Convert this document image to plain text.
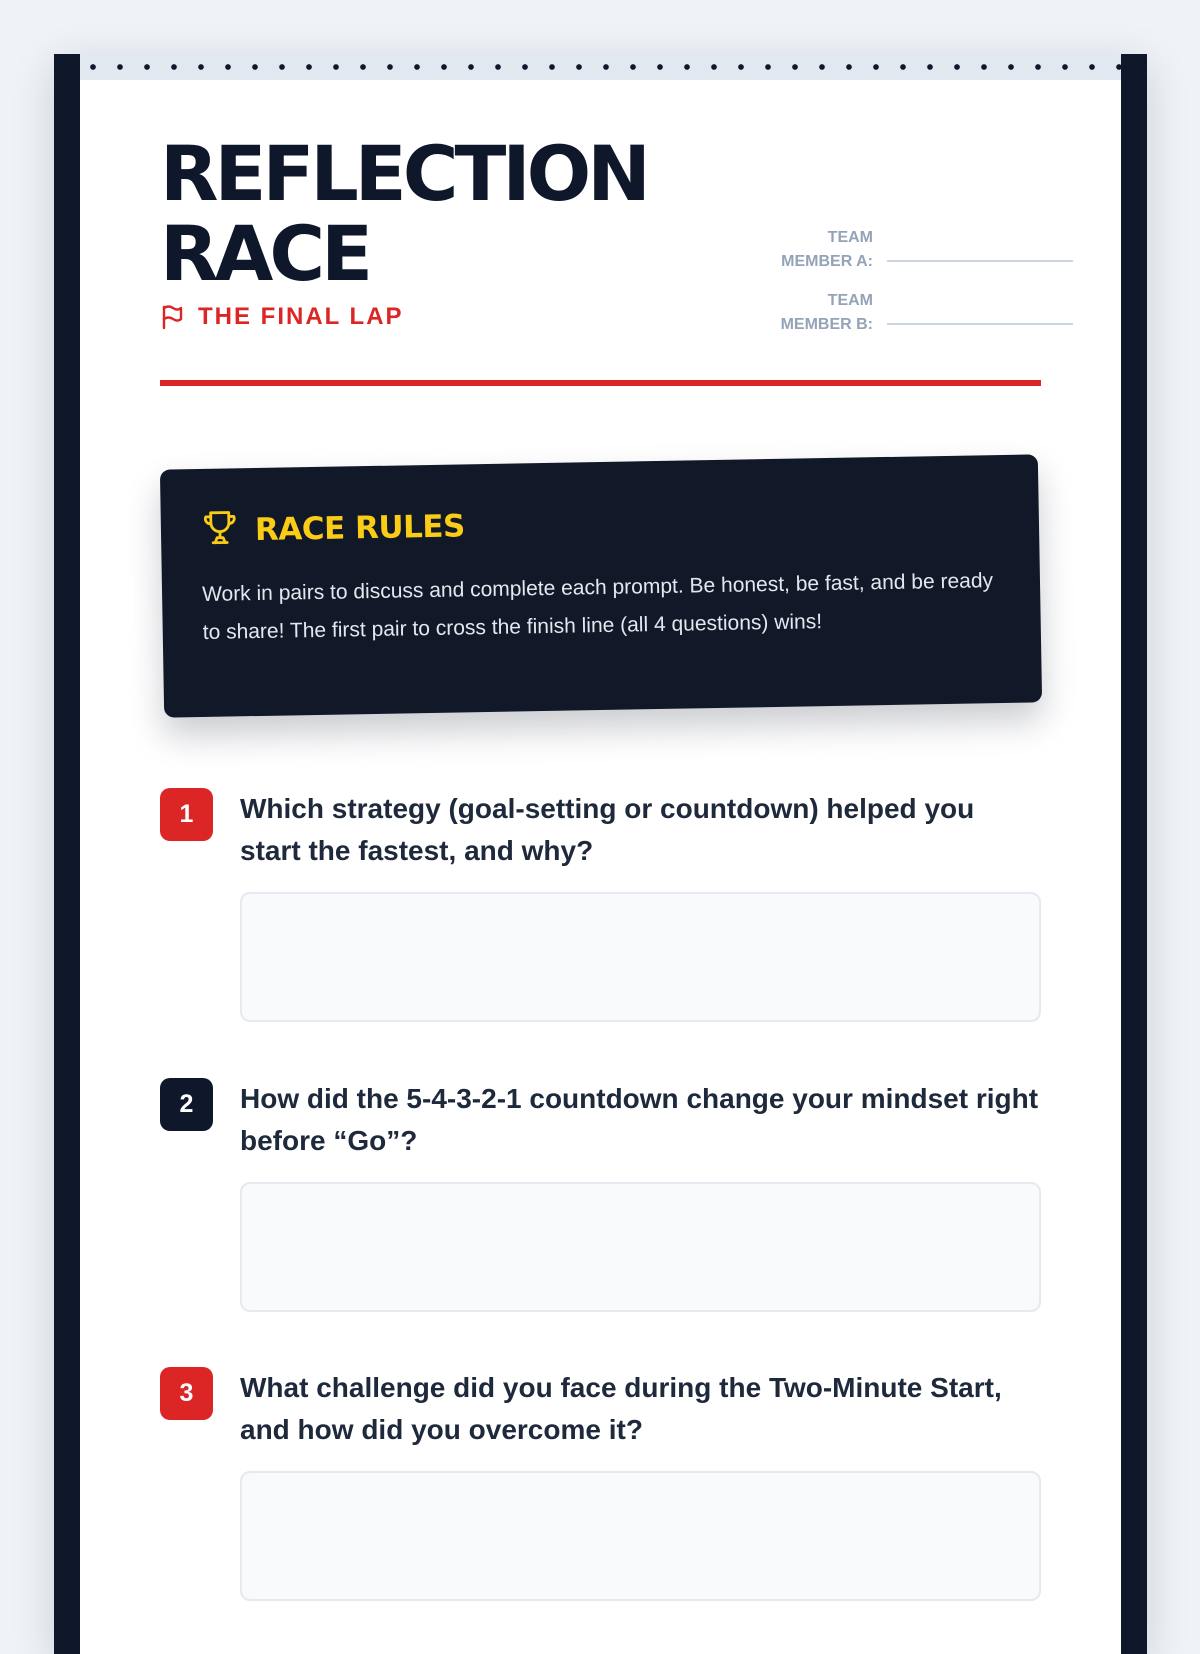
REFLECTION
RACE
THE FINAL LAP
TEAM
MEMBER A:
TEAM
MEMBER B:
RACE RULES

Work in pairs to discuss and complete each prompt. Be honest, be fast, and be ready to share! The first pair to cross the finish line (all 4 questions) wins!

1	Which strategy (goal-setting or countdown) helped you start the fastest, and why?

2	How did the 5-4-3-2-1 countdown change your mindset right before “Go”?

3	What challenge did you face during the Two-Minute Start, and how did you overcome it?
